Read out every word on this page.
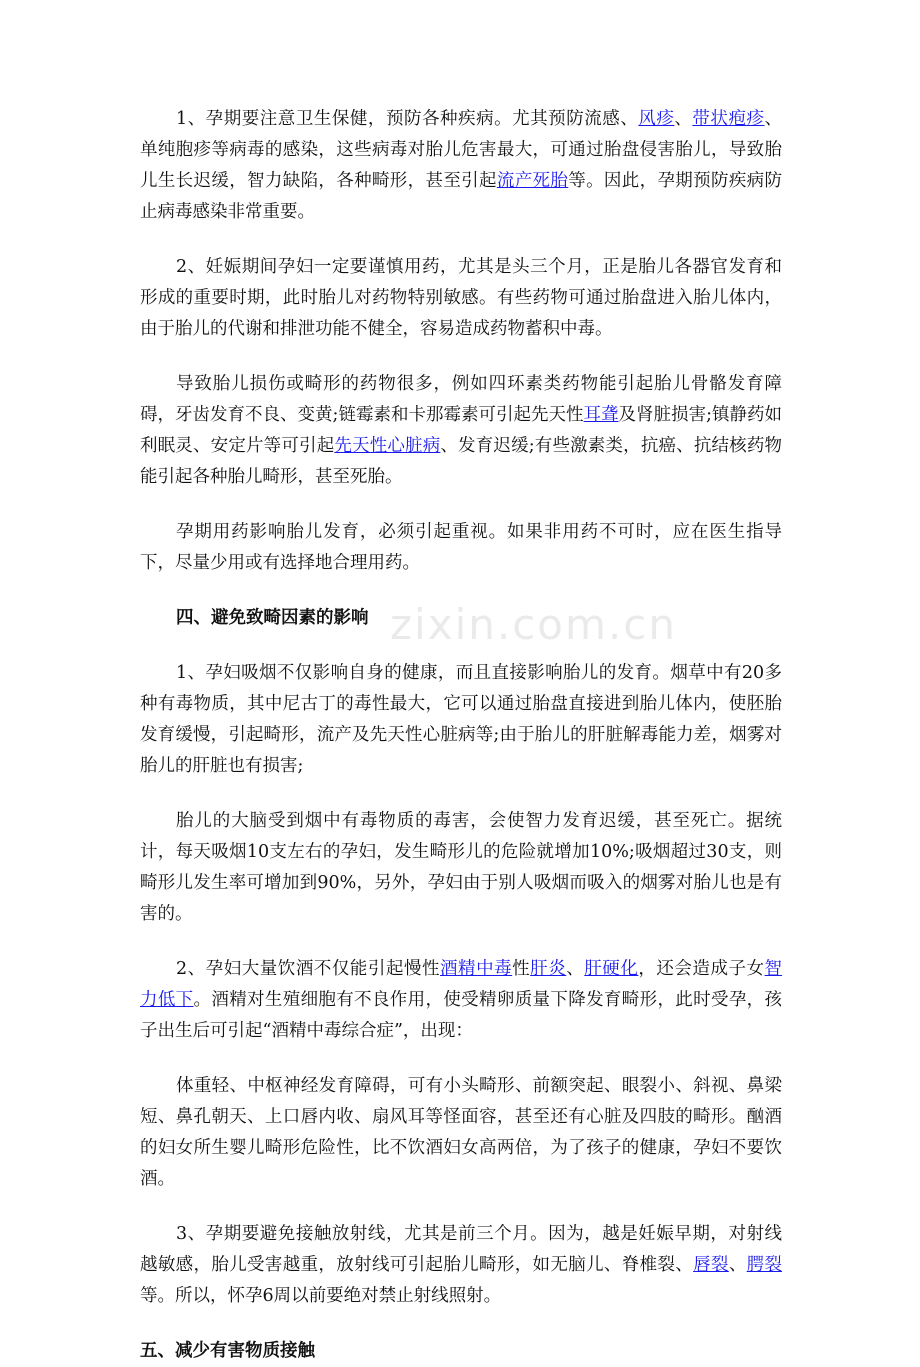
1、孕期要注意卫生保健，预防各种疾病。尤其预防流感、风疹、带状疱疹、单纯胞疹等病毒的感染，这些病毒对胎儿危害最大，可通过胎盘侵害胎儿，导致胎儿生长迟缓，智力缺陷，各种畸形，甚至引起流产死胎等。因此，孕期预防疾病防止病毒感染非常重要。

2、妊娠期间孕妇一定要谨慎用药，尤其是头三个月，正是胎儿各器官发育和形成的重要时期，此时胎儿对药物特别敏感。有些药物可通过胎盘进入胎儿体内，由于胎儿的代谢和排泄功能不健全，容易造成药物蓄积中毒。

导致胎儿损伤或畸形的药物很多，例如四环素类药物能引起胎儿骨骼发育障碍，牙齿发育不良、变黄;链霉素和卡那霉素可引起先天性耳聋及肾脏损害;镇静药如利眠灵、安定片等可引起先天性心脏病、发育迟缓;有些激素类，抗癌、抗结核药物能引起各种胎儿畸形，甚至死胎。

孕期用药影响胎儿发育，必须引起重视。如果非用药不可时，应在医生指导下，尽量少用或有选择地合理用药。

四、避免致畸因素的影响

1、孕妇吸烟不仅影响自身的健康，而且直接影响胎儿的发育。烟草中有20多种有毒物质，其中尼古丁的毒性最大，它可以通过胎盘直接进到胎儿体内，使胚胎发育缓慢，引起畸形，流产及先天性心脏病等;由于胎儿的肝脏解毒能力差，烟雾对胎儿的肝脏也有损害;

胎儿的大脑受到烟中有毒物质的毒害，会使智力发育迟缓，甚至死亡。据统计，每天吸烟10支左右的孕妇，发生畸形儿的危险就增加10%;吸烟超过30支，则畸形儿发生率可增加到90%，另外，孕妇由于别人吸烟而吸入的烟雾对胎儿也是有害的。

2、孕妇大量饮酒不仅能引起慢性酒精中毒性肝炎、肝硬化，还会造成子女智力低下。酒精对生殖细胞有不良作用，使受精卵质量下降发育畸形，此时受孕，孩子出生后可引起“酒精中毒综合症”，出现：

体重轻、中枢神经发育障碍，可有小头畸形、前额突起、眼裂小、斜视、鼻梁短、鼻孔朝天、上口唇内收、扇风耳等怪面容，甚至还有心脏及四肢的畸形。酗酒的妇女所生婴儿畸形危险性，比不饮酒妇女高两倍，为了孩子的健康，孕妇不要饮酒。

3、孕期要避免接触放射线，尤其是前三个月。因为，越是妊娠早期，对射线越敏感，胎儿受害越重，放射线可引起胎儿畸形，如无脑儿、脊椎裂、唇裂、腭裂等。所以，怀孕6周以前要绝对禁止射线照射。

五、减少有害物质接触
zixin.com.cn
